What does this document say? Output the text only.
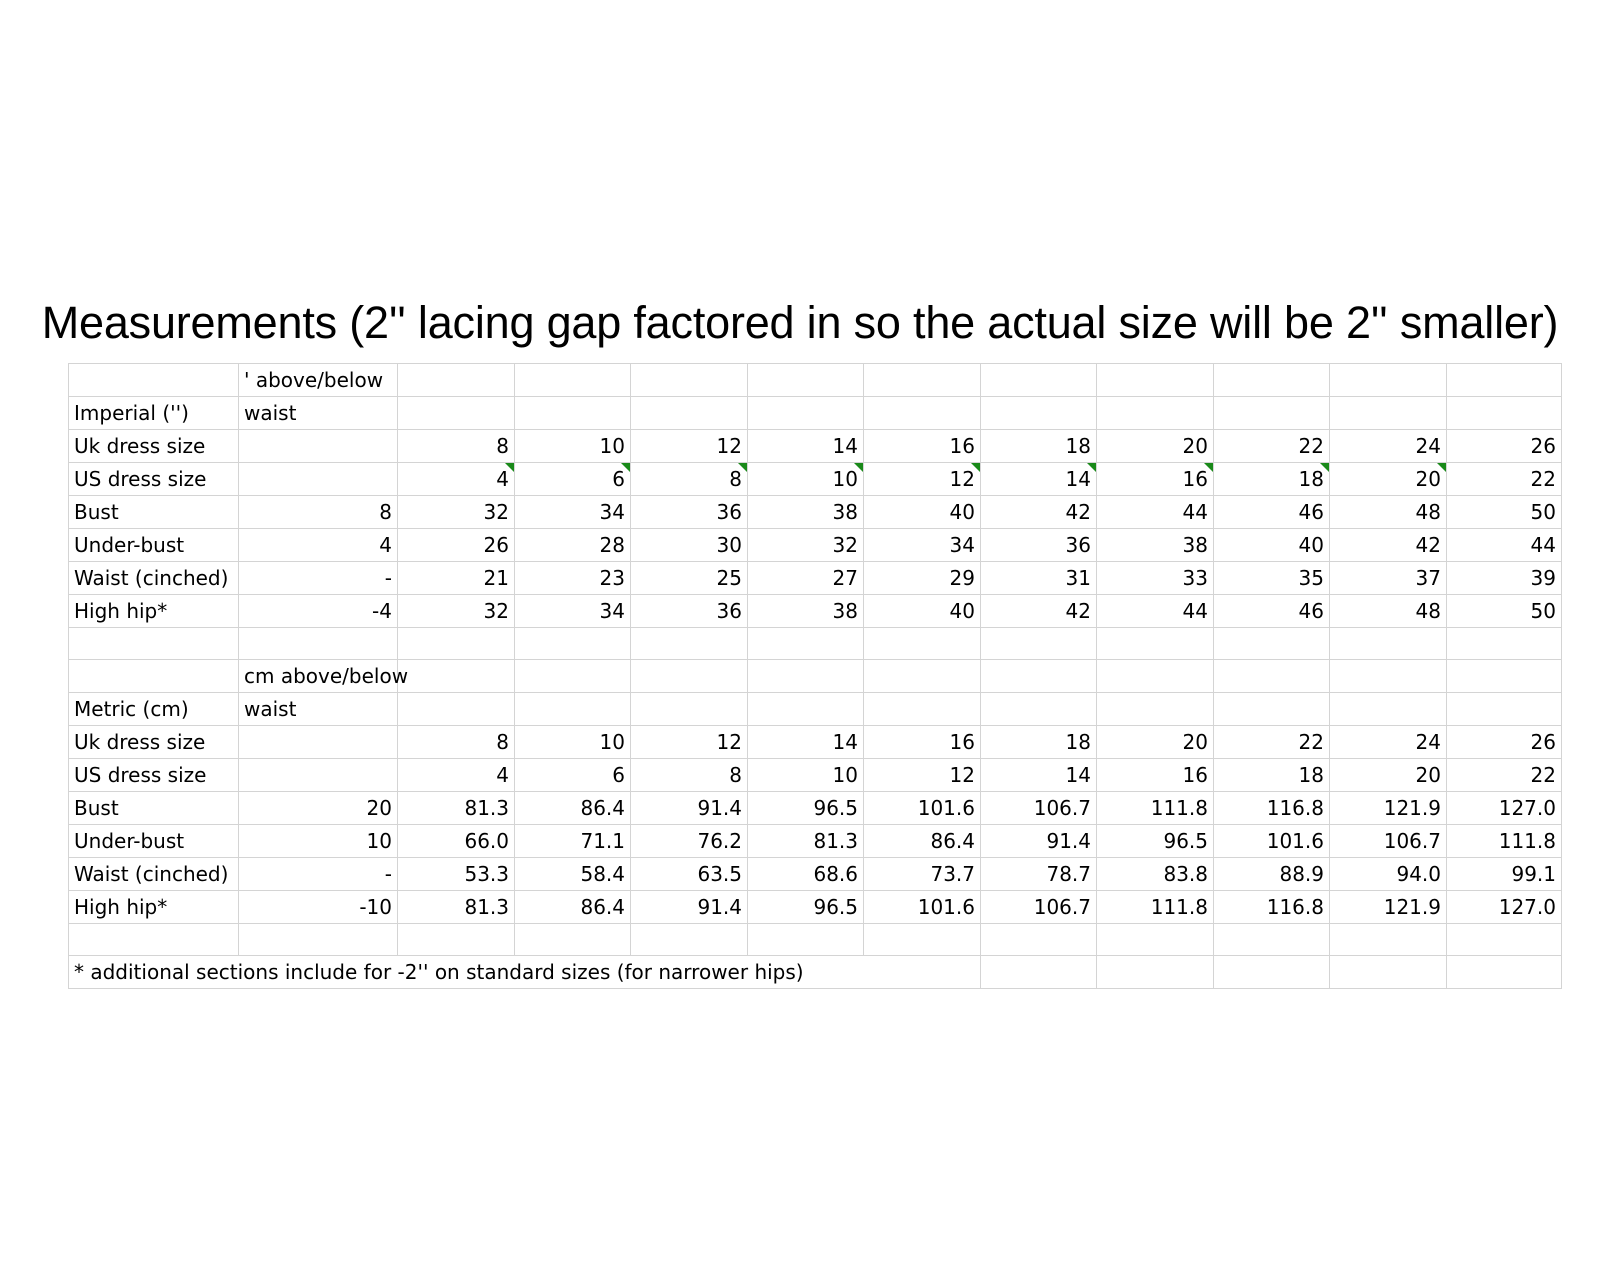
Measurements (2'' lacing gap factored in so the actual size will be 2'' smaller)
	' above/below										
Imperial ('')	waist										
Uk dress size		8	10	12	14	16	18	20	22	24	26
US dress size		4	6	8	10	12	14	16	18	20	22
Bust	8	32	34	36	38	40	42	44	46	48	50
Under-bust	4	26	28	30	32	34	36	38	40	42	44
Waist (cinched)	-	21	23	25	27	29	31	33	35	37	39
High hip*	-4	32	34	36	38	40	42	44	46	48	50

	cm above/below										
Metric (cm)	waist										
Uk dress size		8	10	12	14	16	18	20	22	24	26
US dress size		4	6	8	10	12	14	16	18	20	22
Bust	20	81.3	86.4	91.4	96.5	101.6	106.7	111.8	116.8	121.9	127.0
Under-bust	10	66.0	71.1	76.2	81.3	86.4	91.4	96.5	101.6	106.7	111.8
Waist (cinched)	-	53.3	58.4	63.5	68.6	73.7	78.7	83.8	88.9	94.0	99.1
High hip*	-10	81.3	86.4	91.4	96.5	101.6	106.7	111.8	116.8	121.9	127.0

* additional sections include for -2'' on standard sizes (for narrower hips)											
